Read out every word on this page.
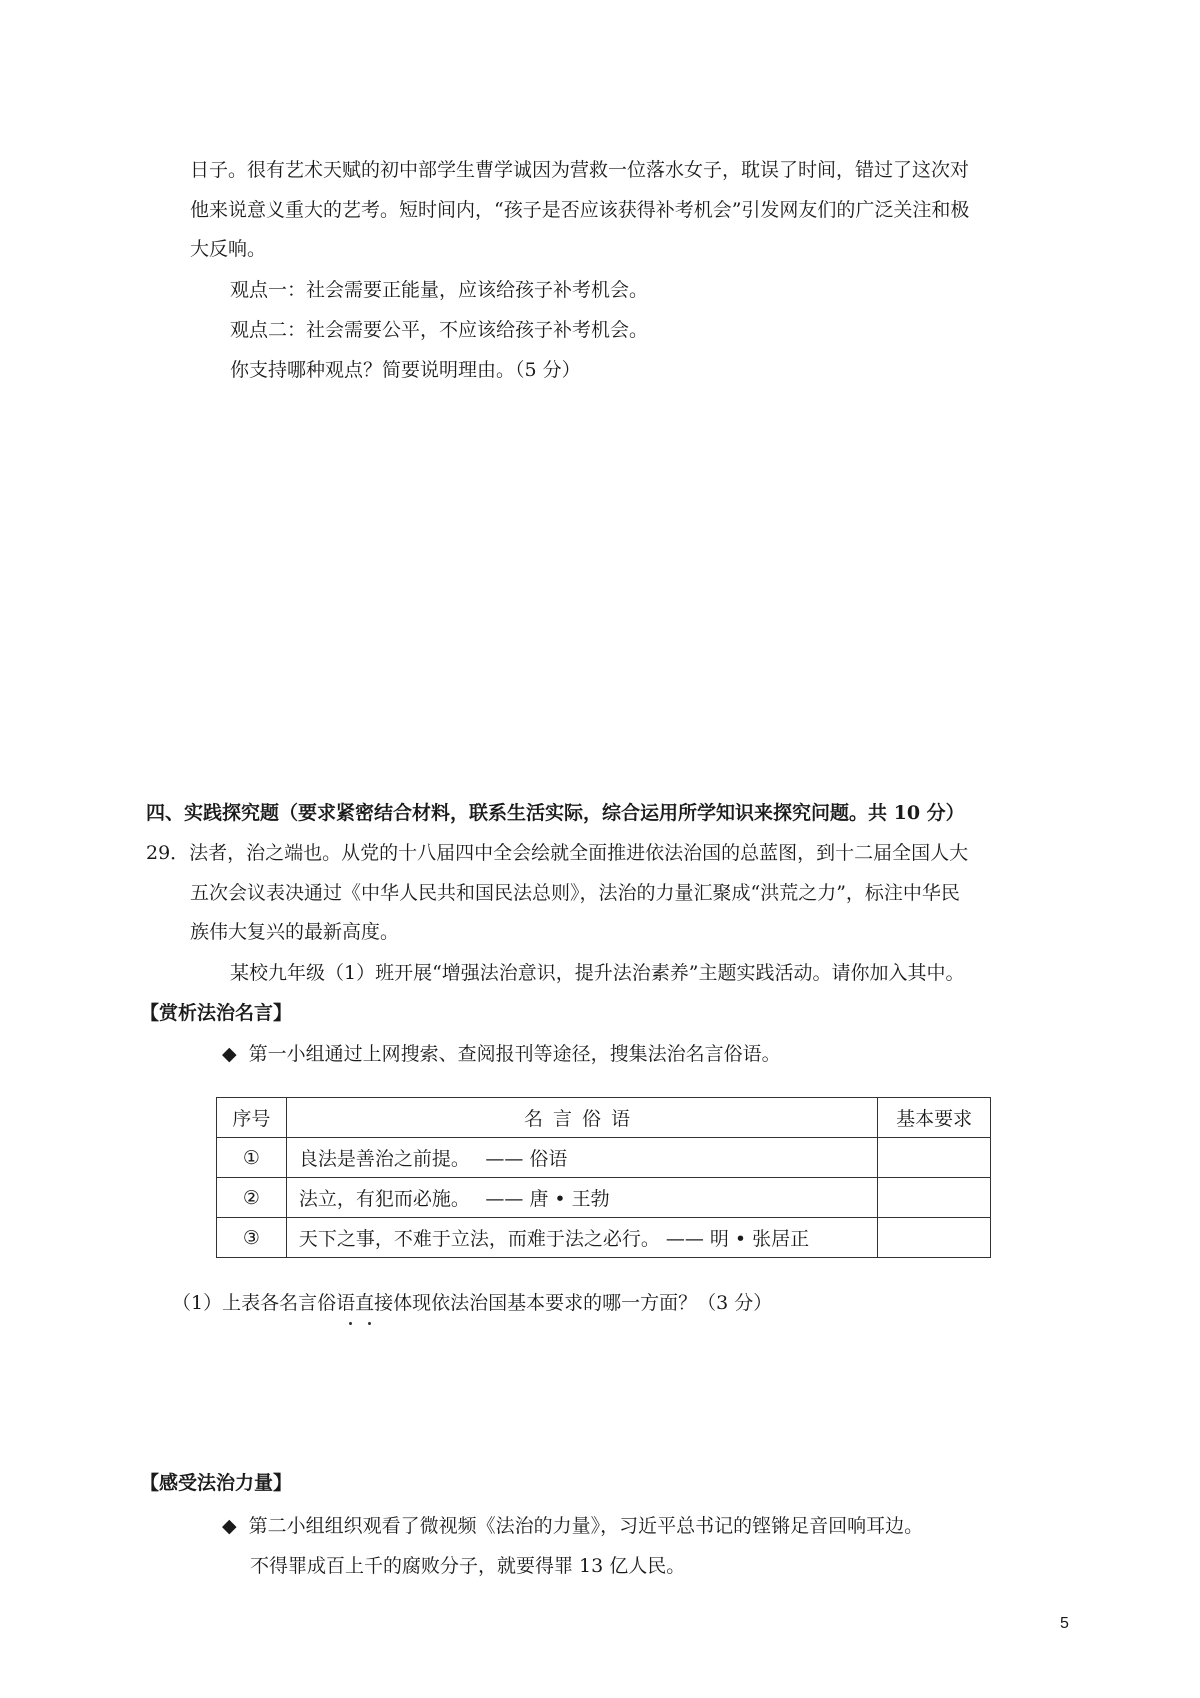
日子。很有艺术天赋的初中部学生曹学诚因为营救一位落水女子，耽误了时间，错过了这次对
他来说意义重大的艺考。短时间内，“孩子是否应该获得补考机会”引发网友们的广泛关注和极
大反响。
观点一：社会需要正能量，应该给孩子补考机会。
观点二：社会需要公平，不应该给孩子补考机会。
你支持哪种观点？简要说明理由。（5 分）
四、实践探究题（要求紧密结合材料，联系生活实际，综合运用所学知识来探究问题。共 10 分）
29．法者，治之端也。从党的十八届四中全会绘就全面推进依法治国的总蓝图，到十二届全国人大
五次会议表决通过《中华人民共和国民法总则》，法治的力量汇聚成“洪荒之力”，标注中华民
族伟大复兴的最新高度。
某校九年级（1）班开展“增强法治意识，提升法治素养”主题实践活动。请你加入其中。
【赏析法治名言】
◆ 第一小组通过上网搜索、查阅报刊等途径，搜集法治名言俗语。
序号	名言俗语	基本要求
①	良法是善治之前提。　 —— 俗语	
②	法立，有犯而必施。　 —— 唐 • 王勃	
③	天下之事，不难于立法，而难于法之必行。 —— 明 • 张居正	
（1）上表各名言俗语直接体现依法治国基本要求的哪一方面？（3 分）
【感受法治力量】
◆ 第二小组组织观看了微视频《法治的力量》，习近平总书记的铿锵足音回响耳边。
不得罪成百上千的腐败分子，就要得罪 13 亿人民。
5
